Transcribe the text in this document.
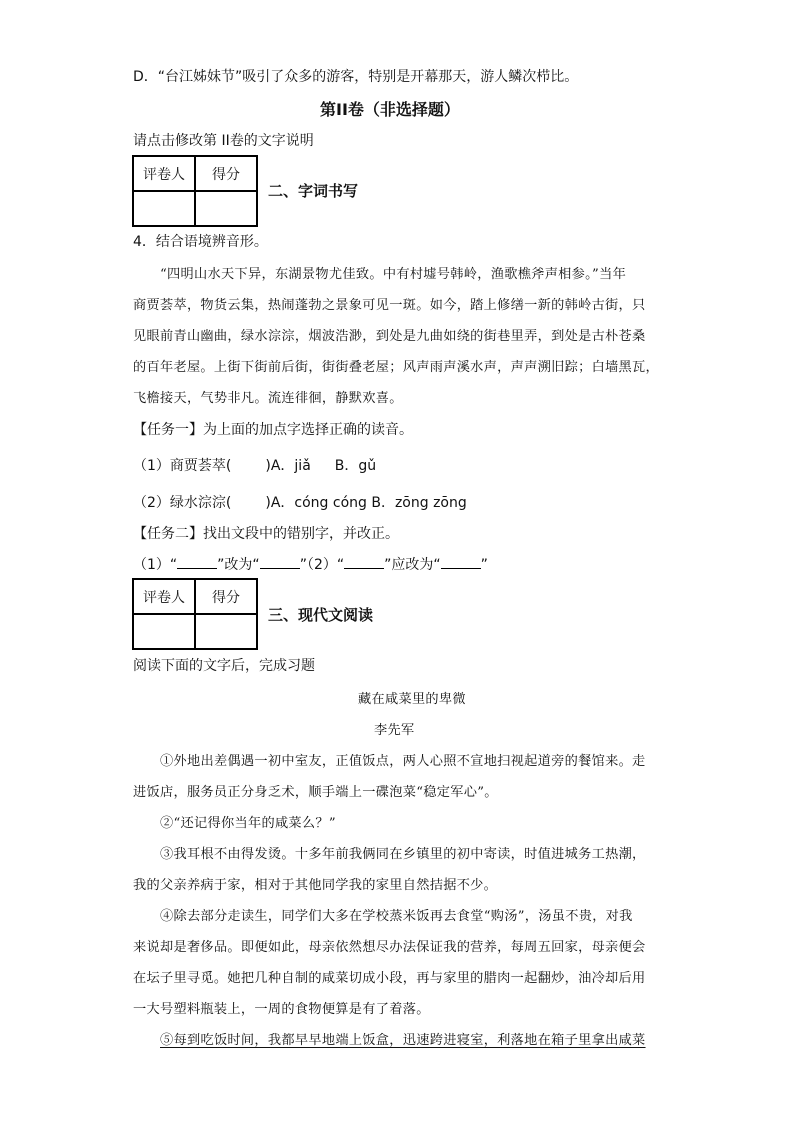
D．“台江姊妹节”吸引了众多的游客，特别是开幕那天，游人鳞次栉比。
第II卷（非选择题）
请点击修改第 II卷的文字说明
评卷人	得分

二、字词书写
4．结合语境辨音形。
“四明山水天下异，东湖景物尤佳致。中有村墟号韩岭，渔歌樵斧声相参。”当年
商贾荟萃，物货云集，热闹蓬勃之景象可见一斑。如今，踏上修缮一新的韩岭古街，只
见眼前青山幽曲，绿水淙淙，烟波浩渺，到处是九曲如绕的街巷里弄，到处是古朴苍桑
的百年老屋。上街下街前后街，街街叠老屋；风声雨声溪水声，声声溯旧踪；白墙黑瓦，
飞檐接天，气势非凡。流连徘徊，静默欢喜。
【任务一】为上面的加点字选择正确的读音。
（1）商贾荟萃( )A．jiǎ B．gǔ
（2）绿水淙淙( )A．cóng cóng B．zōng zōng
【任务二】找出文段中的错别字，并改正。
（1）“	”改为“	”（2）“	”应改为“	”
评卷人	得分

三、现代文阅读
阅读下面的文字后，完成习题
藏在咸菜里的卑微
李先军
①外地出差偶遇一初中室友，正值饭点，两人心照不宣地扫视起道旁的餐馆来。走
进饭店，服务员正分身乏术，顺手端上一碟泡菜“稳定军心”。
②“还记得你当年的咸菜么？”
③我耳根不由得发烫。十多年前我俩同在乡镇里的初中寄读，时值进城务工热潮，
我的父亲养病于家，相对于其他同学我的家里自然拮据不少。
④除去部分走读生，同学们大多在学校蒸米饭再去食堂“购汤”，汤虽不贵，对我
来说却是奢侈品。即便如此，母亲依然想尽办法保证我的营养，每周五回家，母亲便会
在坛子里寻觅。她把几种自制的咸菜切成小段，再与家里的腊肉一起翻炒，油冷却后用
一大号塑料瓶装上，一周的食物便算是有了着落。
⑤每到吃饭时间，我都早早地端上饭盒，迅速跨进寝室，利落地在箱子里拿出咸菜
